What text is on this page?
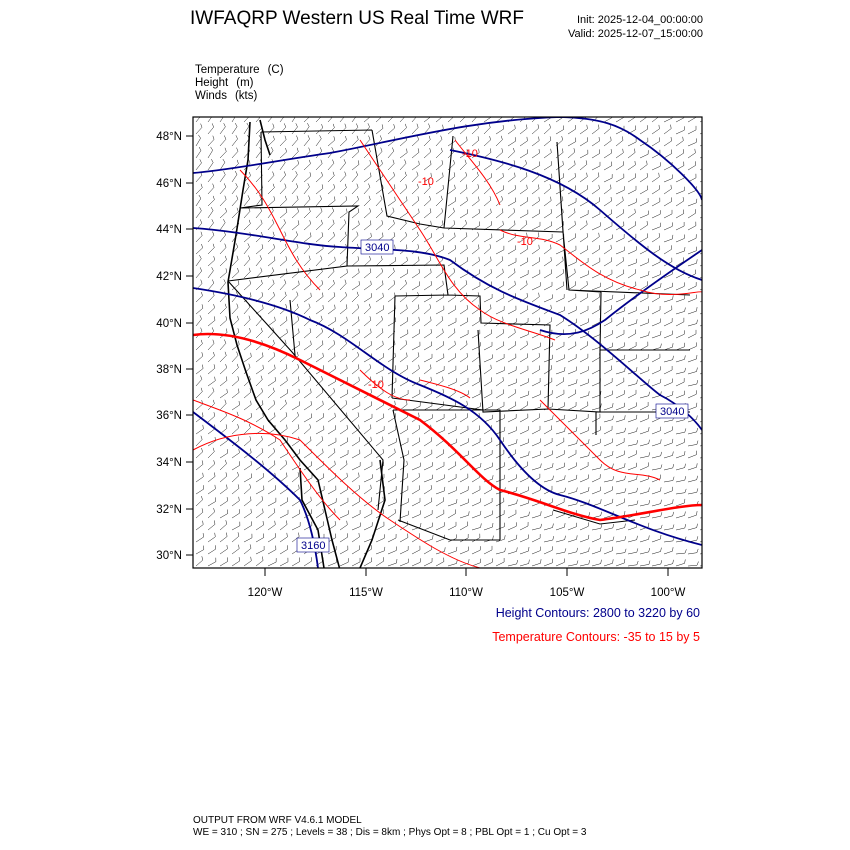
IWFAQRP Western US Real Time WRF	Init: 2025-12-04_00:00:00
Valid: 2025-12-07_15:00:00
Temperature (C)
Height (m)
Winds (kts)
3040
3040
3160
-10
-10
-10
-10
48°N
46°N
44°N
42°N
40°N
38°N
36°N
34°N
32°N
30°N
120°W	115°W	110°W	105°W	100°W
Height Contours: 2800 to 3220 by 60
Temperature Contours: -35 to 15 by 5
OUTPUT FROM WRF V4.6.1 MODEL
WE = 310 ; SN = 275 ; Levels = 38 ; Dis = 8km ; Phys Opt = 8 ; PBL Opt = 1 ; Cu Opt = 3
